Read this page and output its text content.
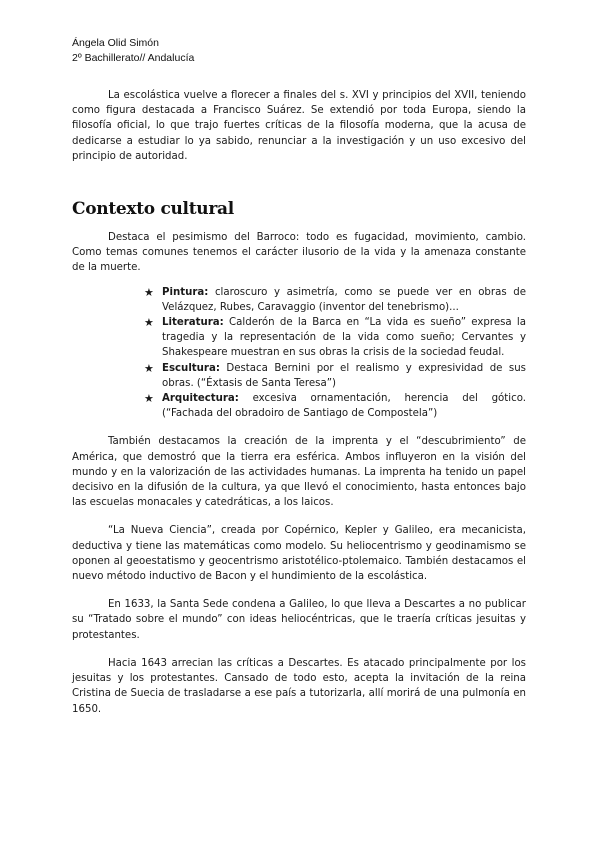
Ángela Olid Simón
2º Bachillerato// Andalucía

La escolástica vuelve a florecer a finales del s. XVI y principios del XVII, teniendo como figura destacada a Francisco Suárez. Se extendió por toda Europa, siendo la filosofía oficial, lo que trajo fuertes críticas de la filosofía moderna, que la acusa de dedicarse a estudiar lo ya sabido, renunciar a la investigación y un uso excesivo del principio de autoridad.

Contexto cultural

Destaca el pesimismo del Barroco: todo es fugacidad, movimiento, cambio. Como temas comunes tenemos el carácter ilusorio de la vida y la amenaza constante de la muerte.

★ Pintura: claroscuro y asimetría, como se puede ver en obras de Velázquez, Rubes, Caravaggio (inventor del tenebrismo)...
★ Literatura: Calderón de la Barca en “La vida es sueño” expresa la tragedia y la representación de la vida como sueño; Cervantes y Shakespeare muestran en sus obras la crisis de la sociedad feudal.
★ Escultura: Destaca Bernini por el realismo y expresividad de sus obras. (“Éxtasis de Santa Teresa”)
★ Arquitectura: excesiva ornamentación, herencia del gótico. (“Fachada del obradoiro de Santiago de Compostela”)

También destacamos la creación de la imprenta y el “descubrimiento” de América, que demostró que la tierra era esférica. Ambos influyeron en la visión del mundo y en la valorización de las actividades humanas. La imprenta ha tenido un papel decisivo en la difusión de la cultura, ya que llevó el conocimiento, hasta entonces bajo las escuelas monacales y catedráticas, a los laicos.

“La Nueva Ciencia”, creada por Copérnico, Kepler y Galileo, era mecanicista, deductiva y tiene las matemáticas como modelo. Su heliocentrismo y geodinamismo se oponen al geoestatismo y geocentrismo aristotélico-ptolemaico. También destacamos el nuevo método inductivo de Bacon y el hundimiento de la escolástica.

En 1633, la Santa Sede condena a Galileo, lo que lleva a Descartes a no publicar su “Tratado sobre el mundo” con ideas heliocéntricas, que le traería críticas jesuitas y protestantes.

Hacia 1643 arrecian las críticas a Descartes. Es atacado principalmente por los jesuitas y los protestantes. Cansado de todo esto, acepta la invitación de la reina Cristina de Suecia de trasladarse a ese país a tutorizarla, allí morirá de una pulmonía en 1650.
